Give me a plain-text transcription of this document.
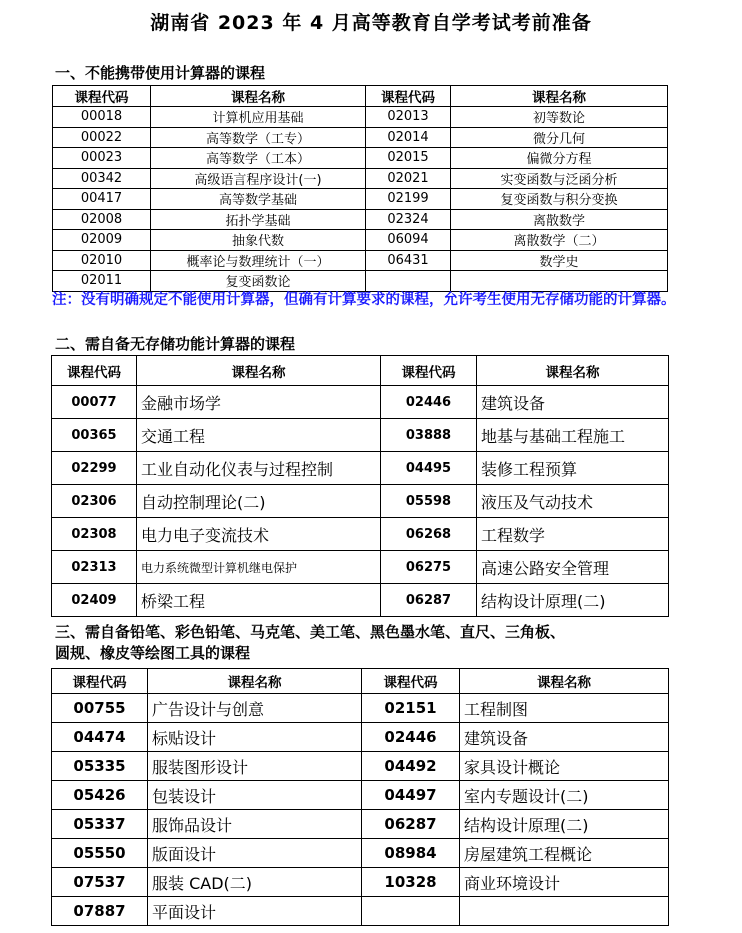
湖南省 2023 年 4 月高等教育自学考试考前准备
一、不能携带使用计算器的课程
课程代码	课程名称	课程代码	课程名称
00018	计算机应用基础	02013	初等数论
00022	高等数学（工专）	02014	微分几何
00023	高等数学（工本）	02015	偏微分方程
00342	高级语言程序设计(一)	02021	实变函数与泛函分析
00417	高等数学基础	02199	复变函数与积分变换
02008	拓扑学基础	02324	离散数学
02009	抽象代数	06094	离散数学（二）
02010	概率论与数理统计（一）	06431	数学史
02011	复变函数论		
注：没有明确规定不能使用计算器，但确有计算要求的课程，允许考生使用无存储功能的计算器。
二、需自备无存储功能计算器的课程
课程代码	课程名称	课程代码	课程名称
00077	金融市场学	02446	建筑设备
00365	交通工程	03888	地基与基础工程施工
02299	工业自动化仪表与过程控制	04495	装修工程预算
02306	自动控制理论(二)	05598	液压及气动技术
02308	电力电子变流技术	06268	工程数学
02313	电力系统微型计算机继电保护	06275	高速公路安全管理
02409	桥梁工程	06287	结构设计原理(二)
三、需自备铅笔、彩色铅笔、马克笔、美工笔、黑色墨水笔、直尺、三角板、
圆规、橡皮等绘图工具的课程
课程代码	课程名称	课程代码	课程名称
00755	广告设计与创意	02151	工程制图
04474	标贴设计	02446	建筑设备
05335	服装图形设计	04492	家具设计概论
05426	包装设计	04497	室内专题设计(二)
05337	服饰品设计	06287	结构设计原理(二)
05550	版面设计	08984	房屋建筑工程概论
07537	服装 CAD(二)	10328	商业环境设计
07887	平面设计		
